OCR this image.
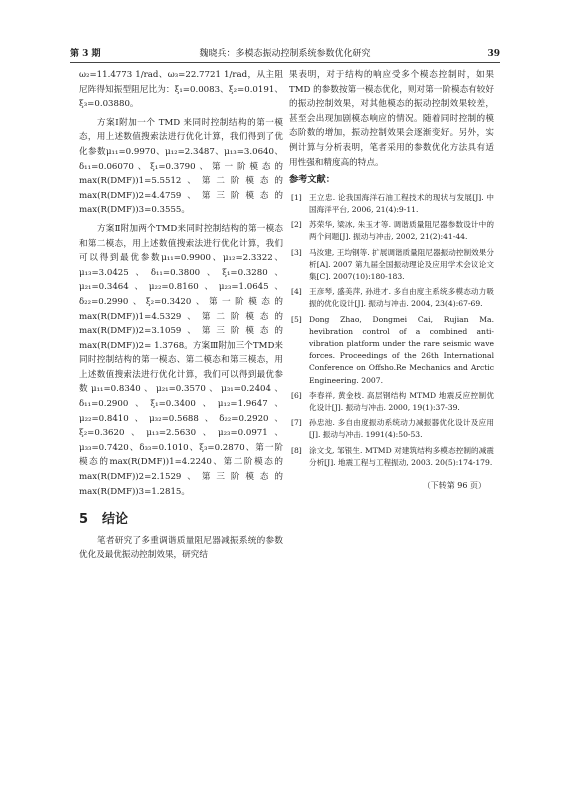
第 3 期	魏晓兵：多模态振动控制系统参数优化研究	39

ω₂=11.4773 1/rad、ω₃=22.7721 1/rad，从主阻尼阵得知振型阻尼比为：ξ̄₁=0.0083、ξ̄₂=0.0191、ξ̄₃=0.03880。

方案Ⅰ附加一个 TMD 来同时控制结构的第一模态，用上述数值搜索法进行优化计算，我们得到了优化参数μ₁₁=0.9970、μ₁₂=2.3487、μ₁₃=3.0640、δ₁₁=0.06070、ξ̄₁=0.3790、第一阶模态的max(R(DMF))1=5.5512、第二阶模态的max(R(DMF))2=4.4759、第三阶模态的max(R(DMF))3=0.3555。

方案Ⅱ附加两个TMD来同时控制结构的第一模态和第二模态，用上述数值搜索法进行优化计算，我们可以得到最优参数μ₁₁=0.9900、μ₁₂=2.3322、μ₁₃=3.0425、δ₁₁=0.3800、ξ̄₁=0.3280、μ₂₁=0.3464、μ₂₂=0.8160、μ₂₃=1.0645、δ₂₂=0.2990、ξ̄₂=0.3420、第一阶模态的max(R(DMF))1=4.5329、第二阶模态的max(R(DMF))2=3.1059、第三阶模态的max(R(DMF))2= 1.3768。方案Ⅲ附加三个TMD来同时控制结构的第一模态、第二模态和第三模态，用上述数值搜索法进行优化计算，我们可以得到最优参数μ₁₁=0.8340、μ₂₁=0.3570、μ₃₁=0.2404、δ₁₁=0.2900、ξ̄₁=0.3400、μ₁₂=1.9647、μ₂₂=0.8410、μ₃₂=0.5688、δ₂₂=0.2920、ξ̄₂=0.3620、μ₁₃=2.5630、μ₂₃=0.0971、μ₃₃=0.7420、δ₃₃=0.1010、ξ̄₃=0.2870、第一阶模态的max(R(DMF))1=4.2240、第二阶模态的max(R(DMF))2=2.1529、第三阶模态的max(R(DMF))3=1.2815。

5 结论

笔者研究了多重调谐质量阻尼器减振系统的参数优化及最优振动控制效果，研究结

果表明，对于结构的响应受多个模态控制时，如果 TMD 的参数按第一模态优化，则对第一阶模态有较好的振动控制效果，对其他模态的振动控制效果较差，甚至会出现加剧模态响应的情况。随着同时控制的模态阶数的增加，振动控制效果会逐渐变好。另外，实例计算与分析表明，笔者采用的参数优化方法具有适用性强和精度高的特点。

参考文献：
[1] 王立忠. 论我国海洋石油工程技术的现状与发展[J]. 中国海洋平台, 2006, 21(4):9-11.
[2] 苏荣华, 梁冰, 朱玉才等. 调谐质量阻尼器参数设计中的两个问题[J]. 振动与冲击, 2002, 21(2):41-44.
[3] 马汝建, 王均钢等. 扩展调谐质量阻尼器振动控制效果分析[A]. 2007 第九届全国振动理论及应用学术会议论文集[C]. 2007(10):180-183.
[4] 王彦琴, 盛美萍, 孙进才. 多自由度主系统多模态动力吸振的优化设计[J]. 振动与冲击. 2004, 23(4):67-69.
[5] Dong Zhao, Dongmei Cai, Rujian Ma. hevibration control of a combined anti-vibration platform under the rare seismic wave forces. Proceedings of the 26th International Conference on Offsho.Re Mechanics and Arctic Engineering. 2007.
[6] 李春祥, 黄金枝. 高层钢结构 MTMD 地震反应控制优化设计[J]. 振动与冲击. 2000, 19(1):37-39.
[7] 孙忠池. 多自由度振动系统动力减振器优化设计及应用[J]. 振动与冲击. 1991(4):50-53.
[8] 涂文戈, 邹银生. MTMD 对建筑结构多模态控制的减震分析[J]. 地震工程与工程振动, 2003. 20(5):174-179.
（下转第 96 页）
